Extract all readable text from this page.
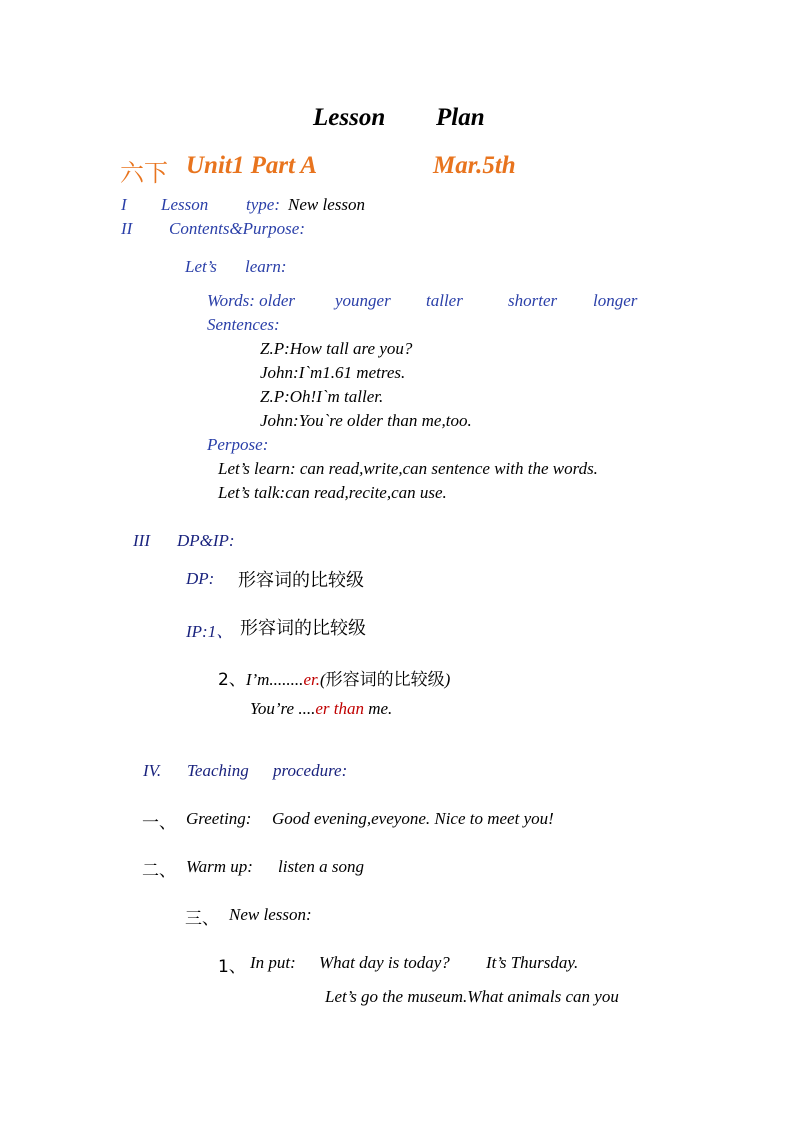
Lesson Plan
六下 Unit1 Part A	Mar.5th
I Lesson type: New lesson
II Contents&Purpose:
Let’s learn:
Words: older younger taller	shorter longer
Sentences:
Z.P:How tall are you?
John:I`m1.61 metres.
Z.P:Oh!I`m taller.
John:You`re older than me,too.
Perpose:
Let’s learn: can read,write,can sentence with the words.
Let’s talk:can read,recite,can use.
III DP&IP:
DP: 形容词的比较级
IP:1、 形容词的比较级
2、I’m........er.(形容词的比较级)
You’re ....er than me.
IV. Teaching procedure:
一、 Greeting: Good evening,eveyone. Nice to meet you!
二、 Warm up: listen a song
三、 New lesson:
1、 In put: What day is today? It’s Thursday.
Let’s go the museum.What animals can you
